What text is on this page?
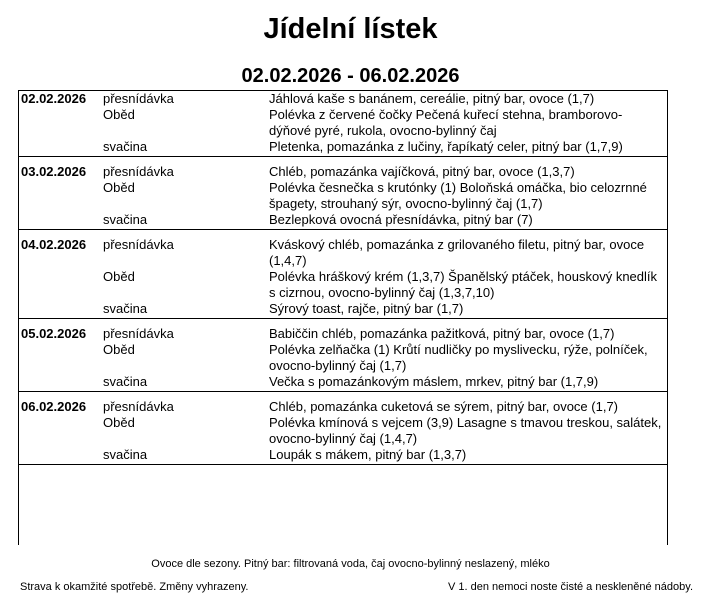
Jídelní lístek
02.02.2026 - 06.02.2026
02.02.2026	přesnídávka	Jáhlová kaše s banánem, cereálie, pitný bar, ovoce (1,7)
Oběd	Polévka z červené čočky Pečená kuřecí stehna, bramborovo-dýňové pyré, rukola, ovocno-bylinný čaj
svačina	Pletenka, pomazánka z lučiny, řapíkatý celer, pitný bar (1,7,9)
03.02.2026	přesnídávka	Chléb, pomazánka vajíčková, pitný bar, ovoce (1,3,7)
Oběd	Polévka česnečka s krutónky (1) Boloňská omáčka, bio celozrnné špagety, strouhaný sýr, ovocno-bylinný čaj (1,7)
svačina	Bezlepková ovocná přesnídávka, pitný bar (7)
04.02.2026	přesnídávka	Kváskový chléb, pomazánka z grilovaného filetu, pitný bar, ovoce (1,4,7)
Oběd	Polévka hráškový krém (1,3,7) Španělský ptáček, houskový knedlík s cizrnou, ovocno-bylinný čaj (1,3,7,10)
svačina	Sýrový toast, rajče, pitný bar (1,7)
05.02.2026	přesnídávka	Babiččin chléb, pomazánka pažitková, pitný bar, ovoce (1,7)
Oběd	Polévka zelňačka (1) Krůtí nudličky po myslivecku, rýže, polníček, ovocno-bylinný čaj (1,7)
svačina	Večka s pomazánkovým máslem, mrkev, pitný bar (1,7,9)
06.02.2026	přesnídávka	Chléb, pomazánka cuketová se sýrem, pitný bar, ovoce (1,7)
Oběd	Polévka kmínová s vejcem (3,9) Lasagne s tmavou treskou, salátek, ovocno-bylinný čaj (1,4,7)
svačina	Loupák s mákem, pitný bar (1,3,7)
Ovoce dle sezony. Pitný bar: filtrovaná voda, čaj ovocno-bylinný neslazený, mléko
Strava k okamžité spotřebě. Změny vyhrazeny.	V 1. den nemoci noste čisté a neskleněné nádoby.
